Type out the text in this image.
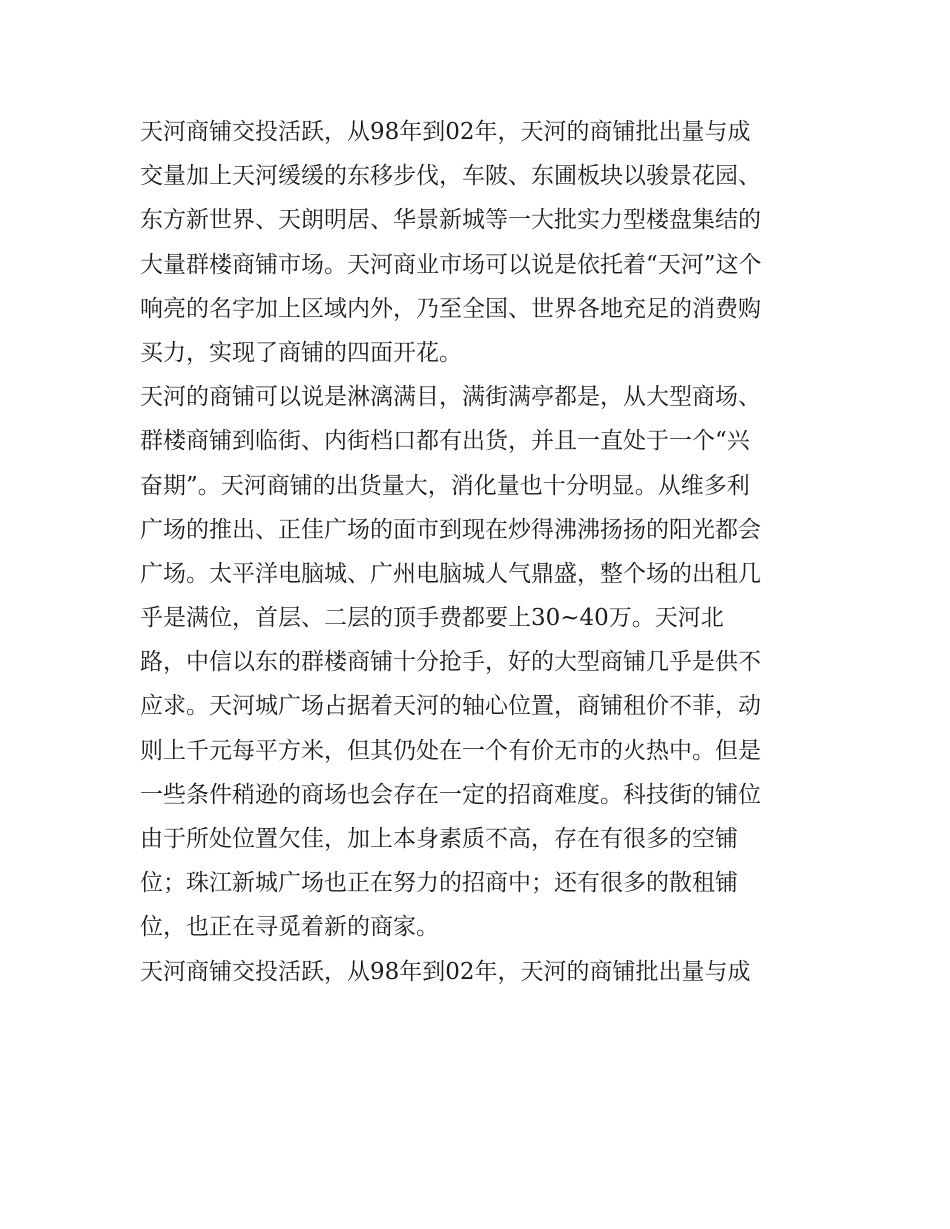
天河商铺交投活跃，从98年到02年，天河的商铺批出量与成
交量加上天河缓缓的东移步伐，车陂、东圃板块以骏景花园、
东方新世界、天朗明居、华景新城等一大批实力型楼盘集结的
大量群楼商铺市场。天河商业市场可以说是依托着“天河”这个
响亮的名字加上区域内外，乃至全国、世界各地充足的消费购
买力，实现了商铺的四面开花。
天河的商铺可以说是淋漓满目，满街满亭都是，从大型商场、
群楼商铺到临街、内街档口都有出货，并且一直处于一个“兴
奋期”。天河商铺的出货量大，消化量也十分明显。从维多利
广场的推出、正佳广场的面市到现在炒得沸沸扬扬的阳光都会
广场。太平洋电脑城、广州电脑城人气鼎盛，整个场的出租几
乎是满位，首层、二层的顶手费都要上30~40万。天河北
路，中信以东的群楼商铺十分抢手，好的大型商铺几乎是供不
应求。天河城广场占据着天河的轴心位置，商铺租价不菲，动
则上千元每平方米，但其仍处在一个有价无市的火热中。但是
一些条件稍逊的商场也会存在一定的招商难度。科技街的铺位
由于所处位置欠佳，加上本身素质不高，存在有很多的空铺
位；珠江新城广场也正在努力的招商中；还有很多的散租铺
位，也正在寻觅着新的商家。
天河商铺交投活跃，从98年到02年，天河的商铺批出量与成
